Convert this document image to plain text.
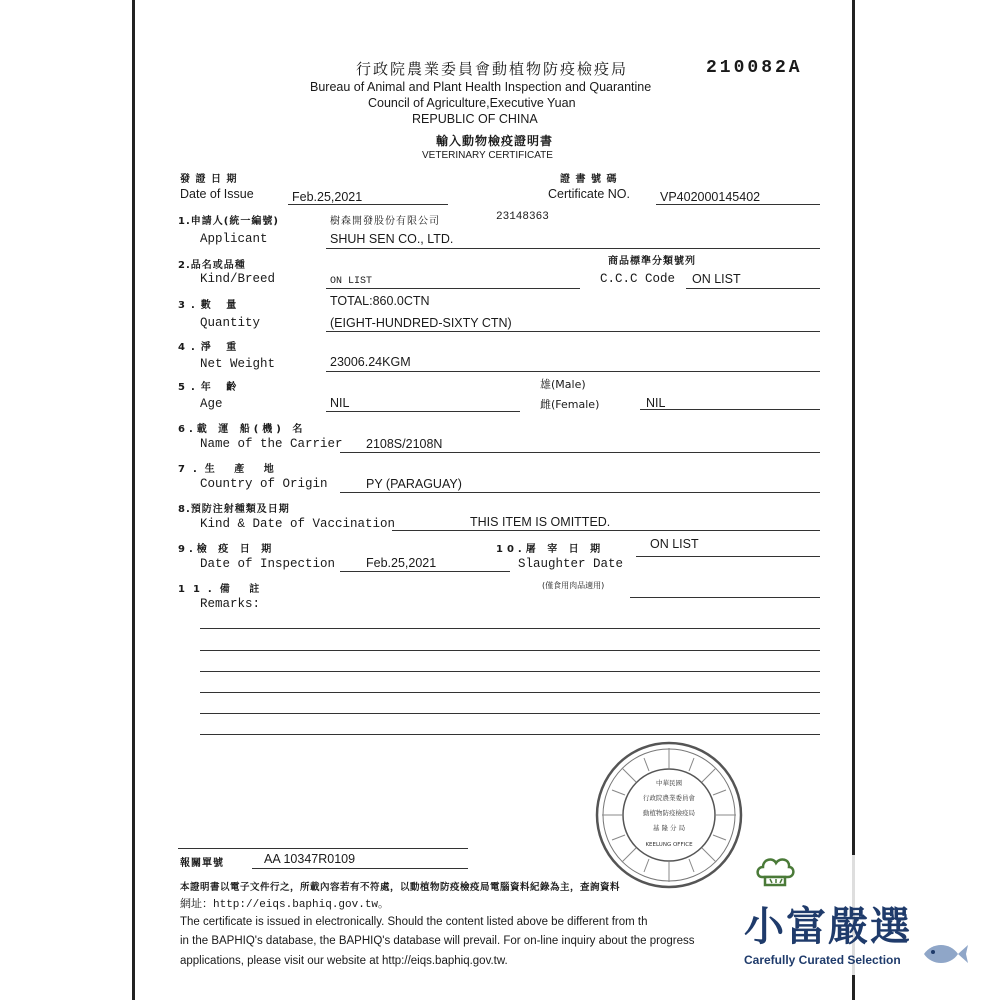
行政院農業委員會動植物防疫檢疫局	210082A
Bureau of Animal and Plant Health Inspection and Quarantine
Council of Agriculture,Executive Yuan
REPUBLIC OF CHINA
輸入動物檢疫證明書
VETERINARY CERTIFICATE
發 證 日 期
Date of Issue	Feb.25,2021
證 書 號 碼
Certificate NO. VP402000145402
1.申請人(統一編號)	樹森開發股份有限公司	23148363
Applicant	SHUH SEN CO., LTD.
2.品名或品種	商品標準分類號列
Kind/Breed	ON LIST	C.C.C Code ON LIST
3.數 量	TOTAL:860.0CTN
Quantity	(EIGHT-HUNDRED-SIXTY CTN)
4.淨 重
Net Weight	23006.24KGM
5.年 齡	雄(Male)
Age	NIL	雌(Female)	NIL
6.載 運 船(機) 名
Name of the Carrier 2108S/2108N
7.生 產 地
Country of Origin	PY (PARAGUAY)
8.預防注射種類及日期
Kind & Date of Vaccination	THIS ITEM IS OMITTED.
9.檢 疫 日 期	10.屠 宰 日 期	ON LIST
Date of Inspection Feb.25,2021	Slaughter Date
11.備 註	(僅食用肉品適用)
Remarks:
中華民國
行政院農業委員會
動植物防疫檢疫局
基 隆 分 局
KEELUNG OFFICE
報關單號	AA 10347R0109
本證明書以電子文件行之，所載內容若有不符處，以動植物防疫檢疫局電腦資料紀錄為主，查詢資料
網址：http://eiqs.baphiq.gov.tw。
The certificate is issued in electronically. Should the content listed above be different from th
in the BAPHIQ's database, the BAPHIQ's database will prevail. For on-line inquiry about the progress
applications, please visit our website at http://eiqs.baphiq.gov.tw.
小富嚴選
Carefully Curated Selection
